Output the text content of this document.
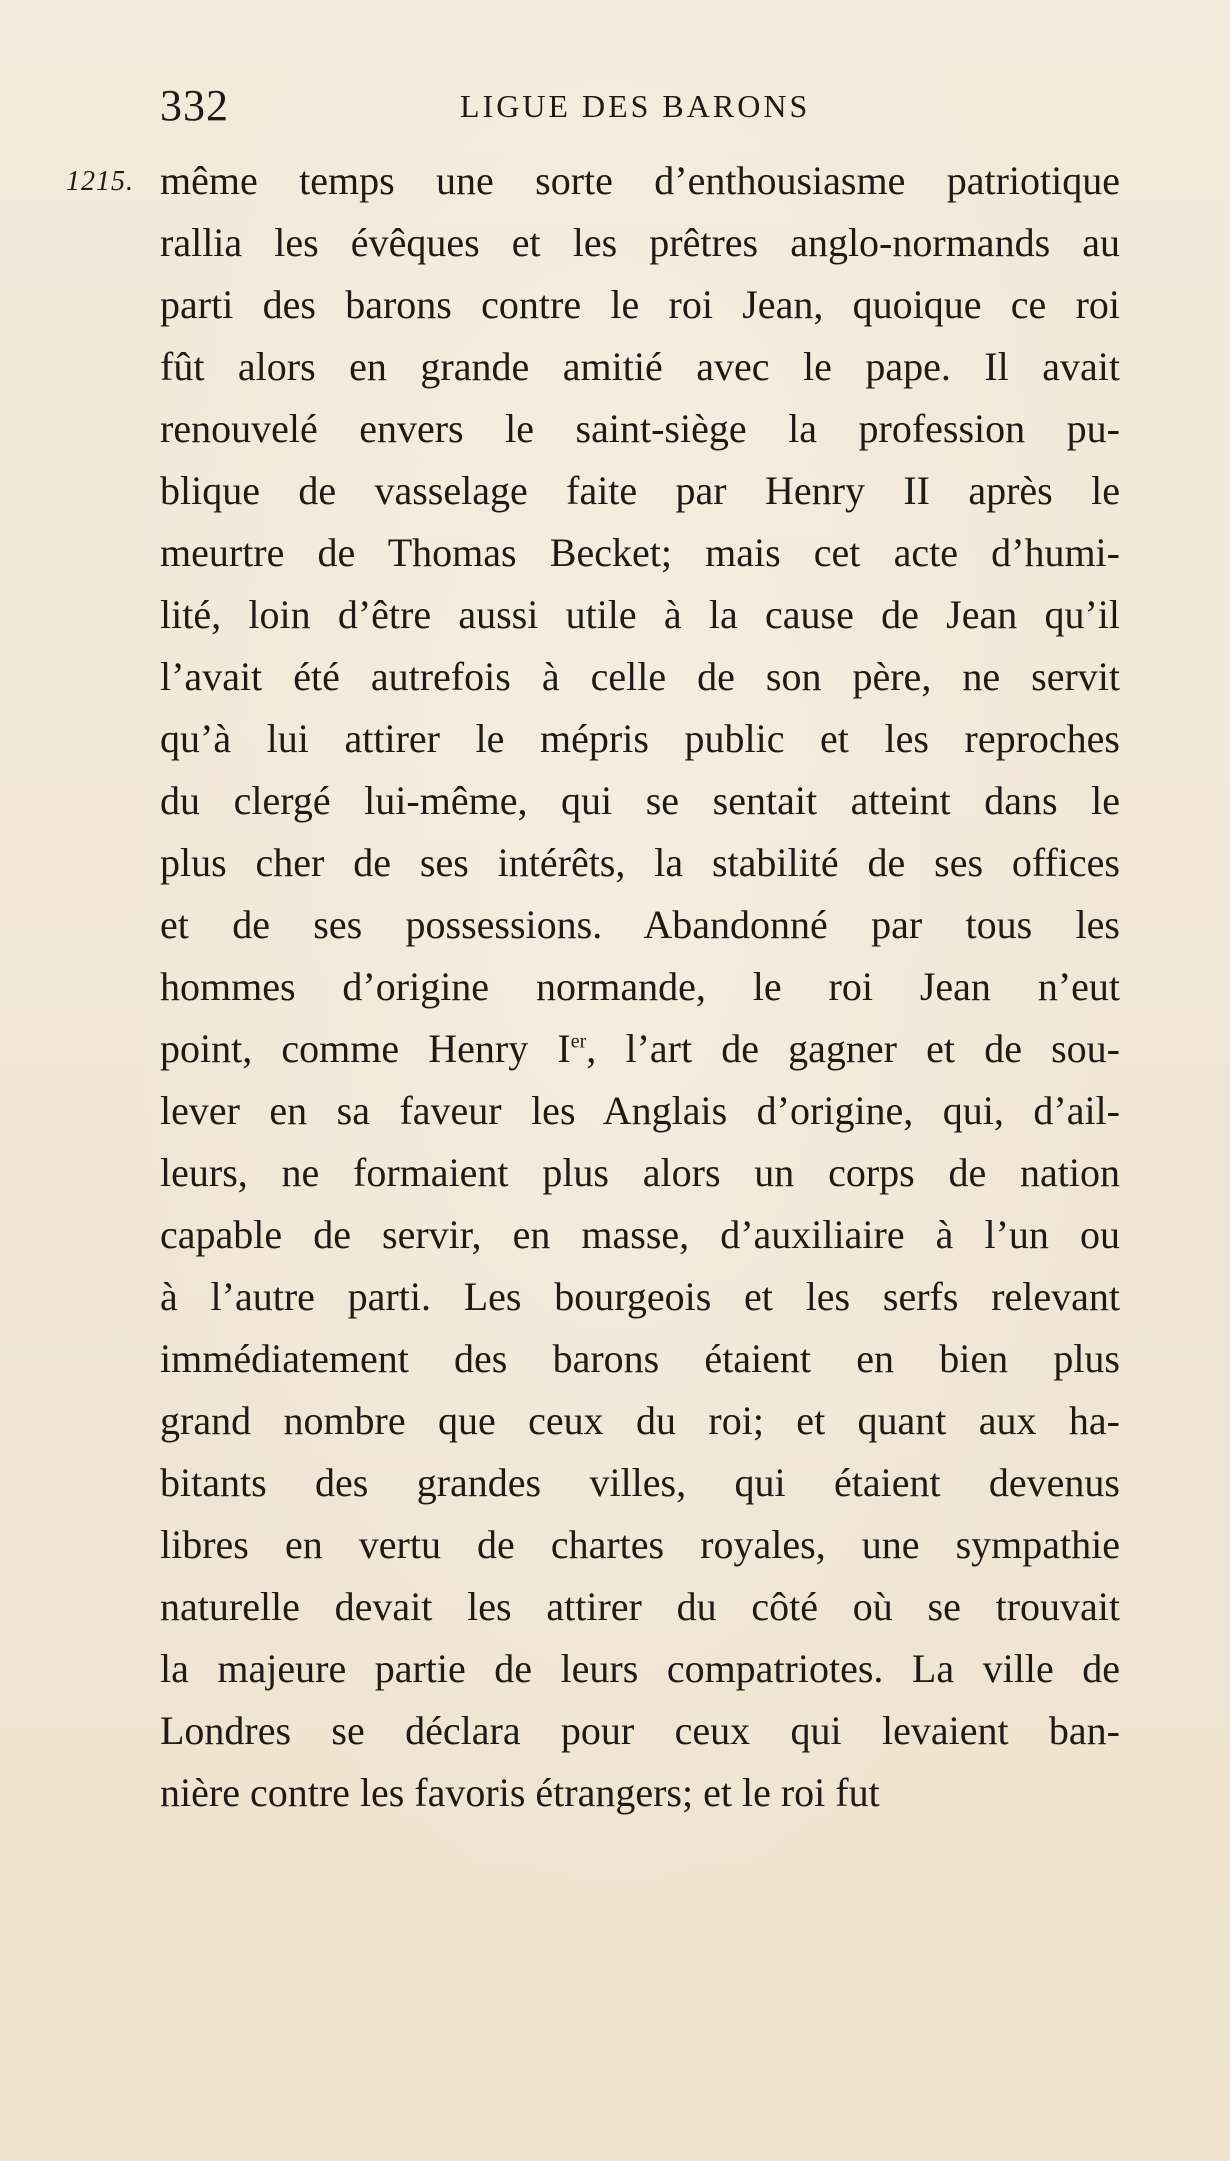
332	LIGUE DES BARONS
1215. même temps une sorte d’enthousiasme patriotique
rallia les évêques et les prêtres anglo-normands au
parti des barons contre le roi Jean, quoique ce roi
fût alors en grande amitié avec le pape. Il avait
renouvelé envers le saint-siège la profession pu-
blique de vasselage faite par Henry II après le
meurtre de Thomas Becket; mais cet acte d’humi-
lité, loin d’être aussi utile à la cause de Jean qu’il
l’avait été autrefois à celle de son père, ne servit
qu’à lui attirer le mépris public et les reproches
du clergé lui-même, qui se sentait atteint dans le
plus cher de ses intérêts, la stabilité de ses offices
et de ses possessions. Abandonné par tous les
hommes d’origine normande, le roi Jean n’eut
point, comme Henry Ier, l’art de gagner et de sou-
lever en sa faveur les Anglais d’origine, qui, d’ail-
leurs, ne formaient plus alors un corps de nation
capable de servir, en masse, d’auxiliaire à l’un ou
à l’autre parti. Les bourgeois et les serfs relevant
immédiatement des barons étaient en bien plus
grand nombre que ceux du roi; et quant aux ha-
bitants des grandes villes, qui étaient devenus
libres en vertu de chartes royales, une sympathie
naturelle devait les attirer du côté où se trouvait
la majeure partie de leurs compatriotes. La ville de
Londres se déclara pour ceux qui levaient ban-
nière contre les favoris étrangers; et le roi fut
